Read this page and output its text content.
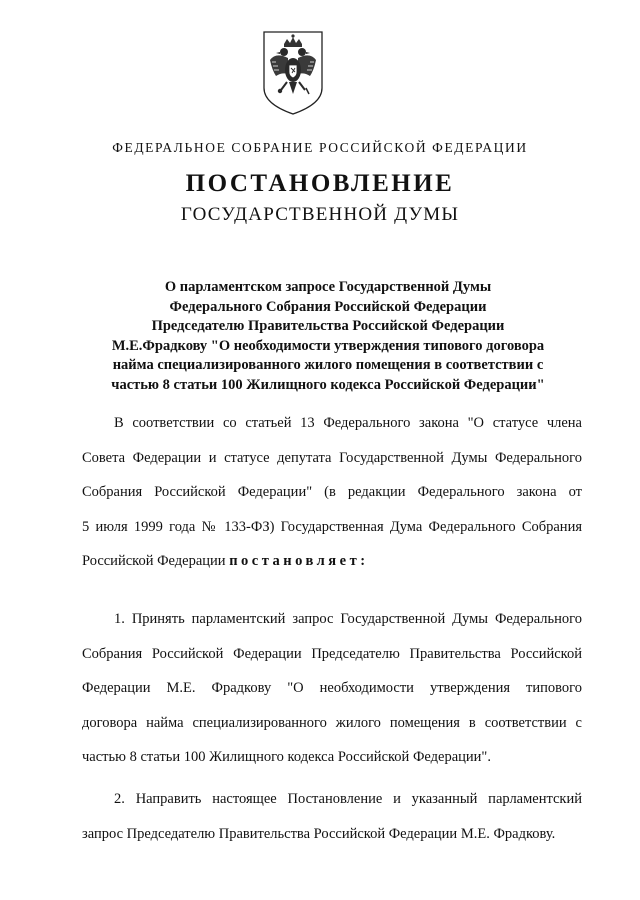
ФЕДЕРАЛЬНОЕ СОБРАНИЕ РОССИЙСКОЙ ФЕДЕРАЦИИ
ПОСТАНОВЛЕНИЕ
ГОСУДАРСТВЕННОЙ ДУМЫ
О парламентском запросе Государственной Думы
Федерального Собрания Российской Федерации
Председателю Правительства Российской Федерации
М.Е.Фрадкову "О необходимости утверждения типового договора
найма специализированного жилого помещения в соответствии с
частью 8 статьи 100 Жилищного кодекса Российской Федерации"
В соответствии со статьей 13 Федерального закона "О статусе члена
Совета Федерации и статусе депутата Государственной Думы Федерального
Собрания Российской Федерации" (в редакции Федерального закона от
5 июля 1999 года № 133-ФЗ) Государственная Дума Федерального Собрания
Российской Федерации постановляет:
1. Принять парламентский запрос Государственной Думы Федерального
Собрания Российской Федерации Председателю Правительства Российской
Федерации М.Е. Фрадкову "О необходимости утверждения типового
договора найма специализированного жилого помещения в соответствии с
частью 8 статьи 100 Жилищного кодекса Российской Федерации".
2. Направить настоящее Постановление и указанный парламентский
запрос Председателю Правительства Российской Федерации М.Е. Фрадкову.
